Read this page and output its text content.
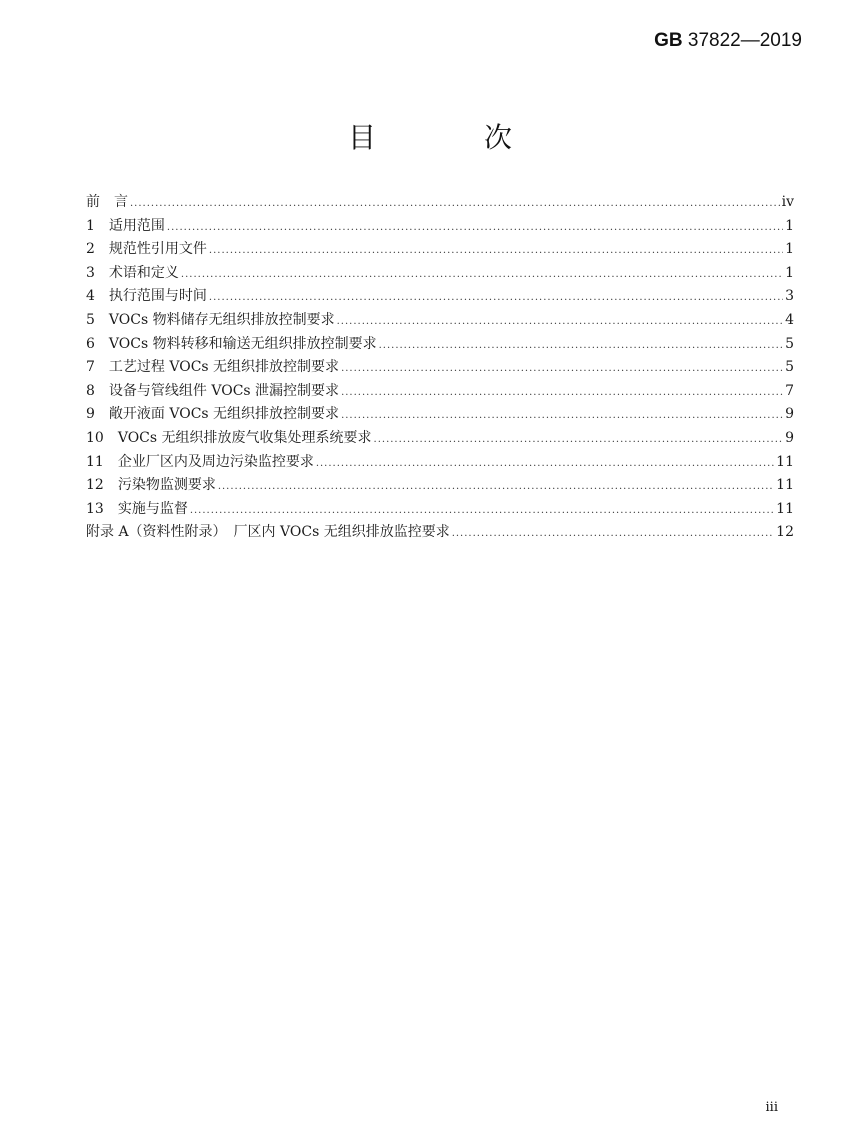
GB 37822—2019
目　次
前　 言 .....	iv
1　 适用范围 .....	1
2　 规范性引用文件 .....	1
3　 术语和定义 .....	1
4　 执行范围与时间 .....	3
5　 VOCs 物料储存无组织排放控制要求 .....	4
6　 VOCs 物料转移和输送无组织排放控制要求 .....	5
7　 工艺过程 VOCs 无组织排放控制要求 .....	5
8　 设备与管线组件 VOCs 泄漏控制要求 .....	7
9　 敞开液面 VOCs 无组织排放控制要求 .....	9
10　 VOCs 无组织排放废气收集处理系统要求 .....	9
11　 企业厂区内及周边污染监控要求 .....	11
12　 污染物监测要求 .....	11
13　 实施与监督 .....	11
附录 A（资料性附录）　厂区内 VOCs 无组织排放监控要求 .....	12
iii
